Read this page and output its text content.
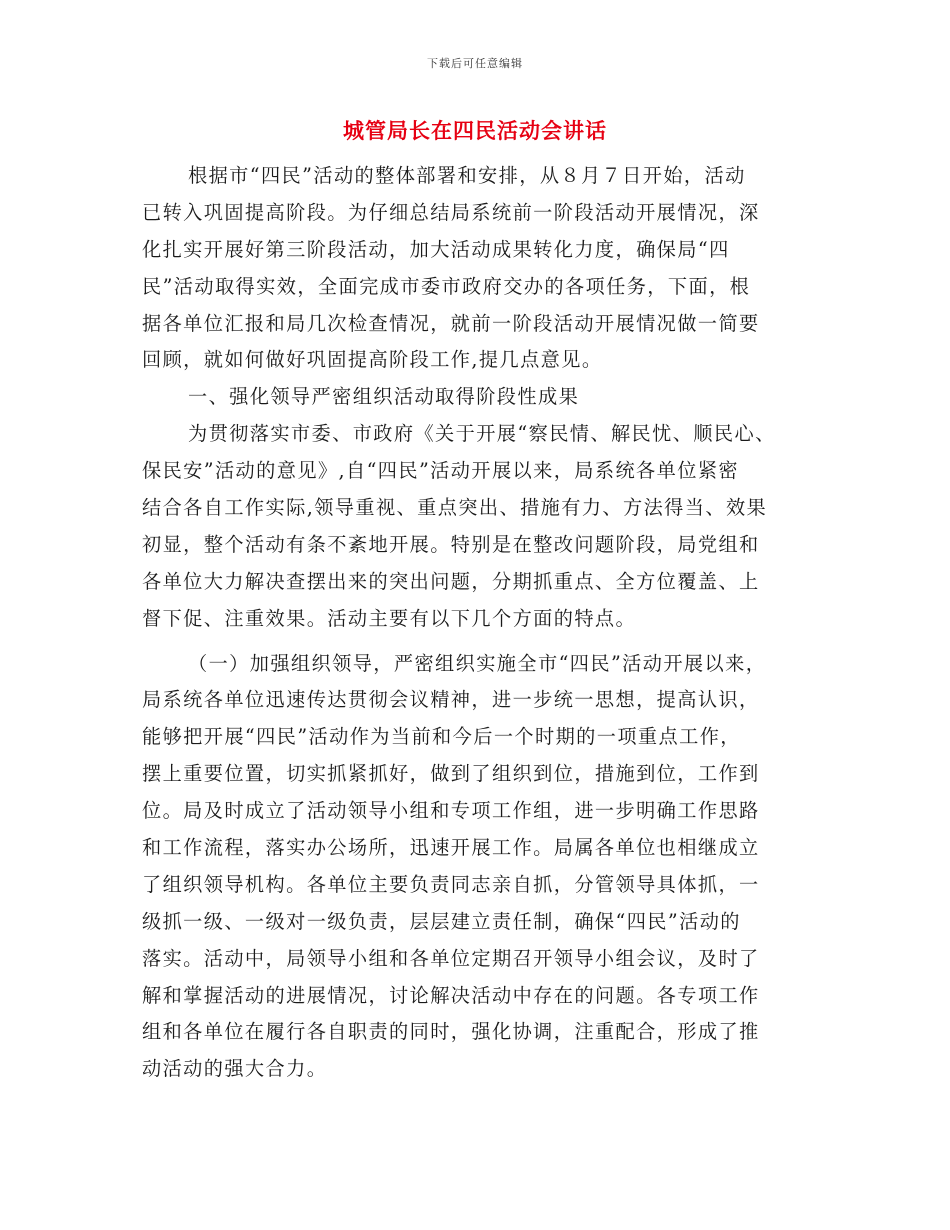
下载后可任意编辑
城管局长在四民活动会讲话
根据市“四民”活动的整体部署和安排，从８月７日开始，活动
已转入巩固提高阶段。为仔细总结局系统前一阶段活动开展情况，深
化扎实开展好第三阶段活动，加大活动成果转化力度，确保局“四
民”活动取得实效，全面完成市委市政府交办的各项任务，下面，根
据各单位汇报和局几次检查情况，就前一阶段活动开展情况做一简要
回顾，就如何做好巩固提高阶段工作,提几点意见。
一、强化领导严密组织活动取得阶段性成果
为贯彻落实市委、市政府《关于开展“察民情、解民忧、顺民心、
保民安”活动的意见》,自“四民”活动开展以来，局系统各单位紧密
结合各自工作实际,领导重视、重点突出、措施有力、方法得当、效果
初显，整个活动有条不紊地开展。特别是在整改问题阶段，局党组和
各单位大力解决查摆出来的突出问题，分期抓重点、全方位覆盖、上
督下促、注重效果。活动主要有以下几个方面的特点。
（一）加强组织领导，严密组织实施全市“四民”活动开展以来，
局系统各单位迅速传达贯彻会议精神，进一步统一思想，提高认识，
能够把开展“四民”活动作为当前和今后一个时期的一项重点工作，
摆上重要位置，切实抓紧抓好，做到了组织到位，措施到位，工作到
位。局及时成立了活动领导小组和专项工作组，进一步明确工作思路
和工作流程，落实办公场所，迅速开展工作。局属各单位也相继成立
了组织领导机构。各单位主要负责同志亲自抓，分管领导具体抓，一
级抓一级、一级对一级负责，层层建立责任制，确保“四民”活动的
落实。活动中，局领导小组和各单位定期召开领导小组会议，及时了
解和掌握活动的进展情况，讨论解决活动中存在的问题。各专项工作
组和各单位在履行各自职责的同时，强化协调，注重配合，形成了推
动活动的强大合力。
